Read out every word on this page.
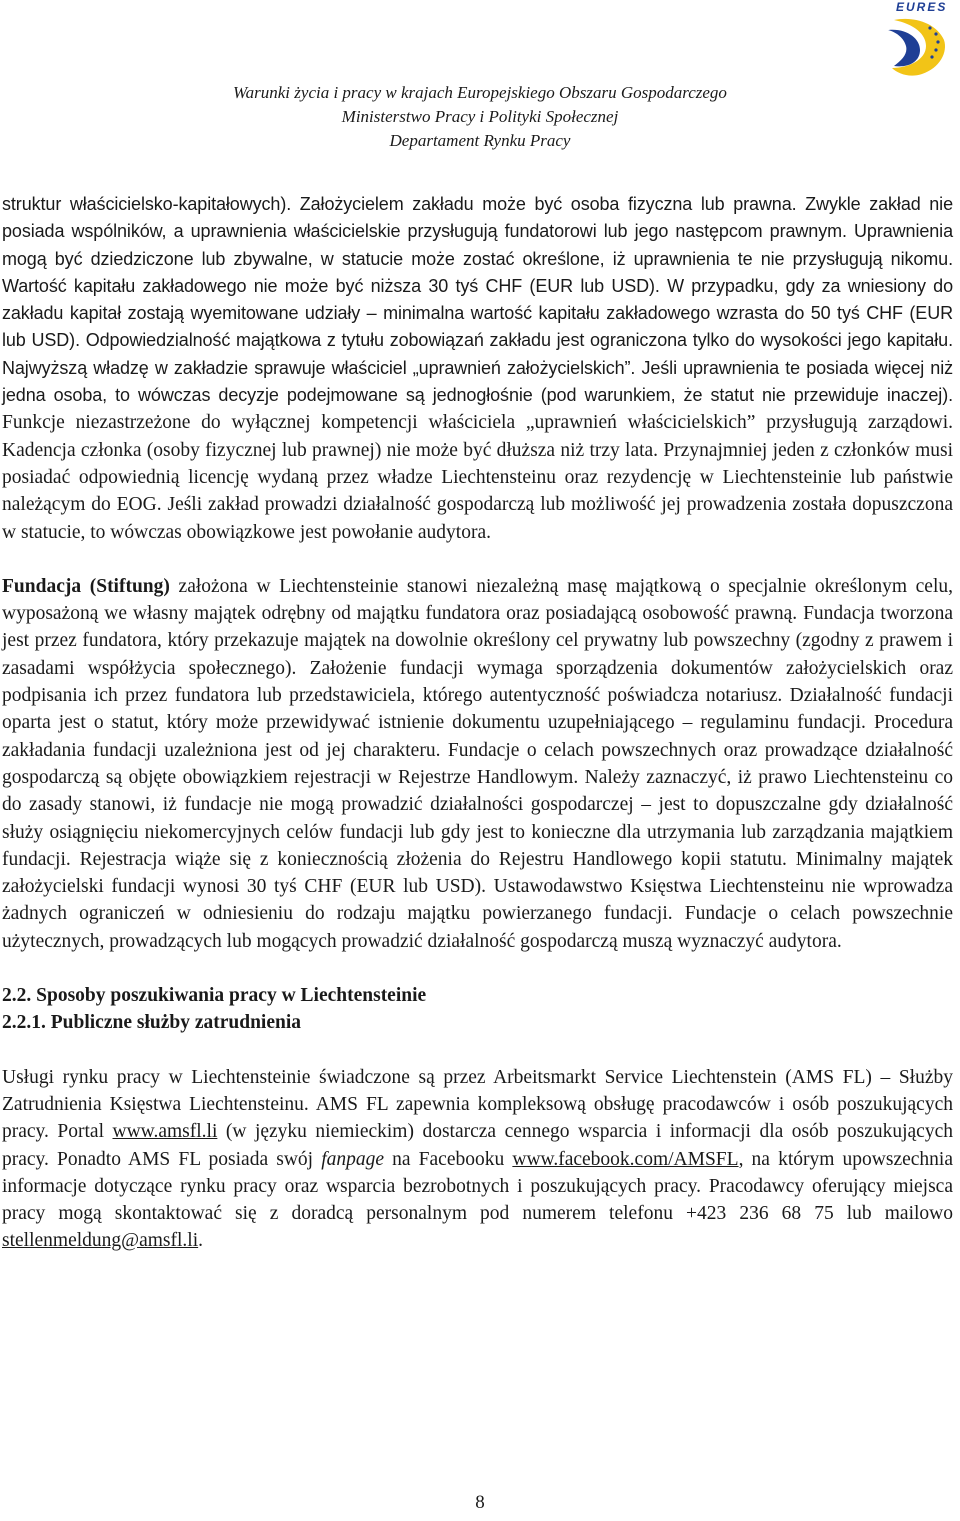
EURES
Warunki życia i pracy w krajach Europejskiego Obszaru Gospodarczego
Ministerstwo Pracy i Polityki Społecznej
Departament Rynku Pracy

struktur właścicielsko-kapitałowych). Założycielem zakładu może być osoba fizyczna lub prawna. Zwykle zakład nie posiada wspólników, a uprawnienia właścicielskie przysługują fundatorowi lub jego następcom prawnym. Uprawnienia mogą być dziedziczone lub zbywalne, w statucie może zostać określone, iż uprawnienia te nie przysługują nikomu. Wartość kapitału zakładowego nie może być niższa 30 tyś CHF (EUR lub USD). W przypadku, gdy za wniesiony do zakładu kapitał zostają wyemitowane udziały – minimalna wartość kapitału zakładowego wzrasta do 50 tyś CHF (EUR lub USD). Odpowiedzialność majątkowa z tytułu zobowiązań zakładu jest ograniczona tylko do wysokości jego kapitału. Najwyższą władzę w zakładzie sprawuje właściciel „uprawnień założycielskich”. Jeśli uprawnienia te posiada więcej niż jedna osoba, to wówczas decyzje podejmowane są jednogłośnie (pod warunkiem, że statut nie przewiduje inaczej). Funkcje niezastrzeżone do wyłącznej kompetencji właściciela „uprawnień właścicielskich” przysługują zarządowi. Kadencja członka (osoby fizycznej lub prawnej) nie może być dłuższa niż trzy lata. Przynajmniej jeden z członków musi posiadać odpowiednią licencję wydaną przez władze Liechtensteinu oraz rezydencję w Liechtensteinie lub państwie należącym do EOG. Jeśli zakład prowadzi działalność gospodarczą lub możliwość jej prowadzenia została dopuszczona w statucie, to wówczas obowiązkowe jest powołanie audytora.

Fundacja (Stiftung) założona w Liechtensteinie stanowi niezależną masę majątkową o specjalnie określonym celu, wyposażoną we własny majątek odrębny od majątku fundatora oraz posiadającą osobowość prawną. Fundacja tworzona jest przez fundatora, który przekazuje majątek na dowolnie określony cel prywatny lub powszechny (zgodny z prawem i zasadami współżycia społecznego). Założenie fundacji wymaga sporządzenia dokumentów założycielskich oraz podpisania ich przez fundatora lub przedstawiciela, którego autentyczność poświadcza notariusz. Działalność fundacji oparta jest o statut, który może przewidywać istnienie dokumentu uzupełniającego – regulaminu fundacji. Procedura zakładania fundacji uzależniona jest od jej charakteru. Fundacje o celach powszechnych oraz prowadzące działalność gospodarczą są objęte obowiązkiem rejestracji w Rejestrze Handlowym. Należy zaznaczyć, iż prawo Liechtensteinu co do zasady stanowi, iż fundacje nie mogą prowadzić działalności gospodarczej – jest to dopuszczalne gdy działalność służy osiągnięciu niekomercyjnych celów fundacji lub gdy jest to konieczne dla utrzymania lub zarządzania majątkiem fundacji. Rejestracja wiąże się z koniecznością złożenia do Rejestru Handlowego kopii statutu. Minimalny majątek założycielski fundacji wynosi 30 tyś CHF (EUR lub USD). Ustawodawstwo Księstwa Liechtensteinu nie wprowadza żadnych ograniczeń w odniesieniu do rodzaju majątku powierzanego fundacji. Fundacje o celach powszechnie użytecznych, prowadzących lub mogących prowadzić działalność gospodarczą muszą wyznaczyć audytora.

2.2. Sposoby poszukiwania pracy w Liechtensteinie

2.2.1. Publiczne służby zatrudnienia

Usługi rynku pracy w Liechtensteinie świadczone są przez Arbeitsmarkt Service Liechtenstein (AMS FL) – Służby Zatrudnienia Księstwa Liechtensteinu. AMS FL zapewnia kompleksową obsługę pracodawców i osób poszukujących pracy. Portal www.amsfl.li (w języku niemieckim) dostarcza cennego wsparcia i informacji dla osób poszukujących pracy. Ponadto AMS FL posiada swój fanpage na Facebooku www.facebook.com/AMSFL, na którym upowszechnia informacje dotyczące rynku pracy oraz wsparcia bezrobotnych i poszukujących pracy. Pracodawcy oferujący miejsca pracy mogą skontaktować się z doradcą personalnym pod numerem telefonu +423 236 68 75 lub mailowo stellenmeldung@amsfl.li.

8
